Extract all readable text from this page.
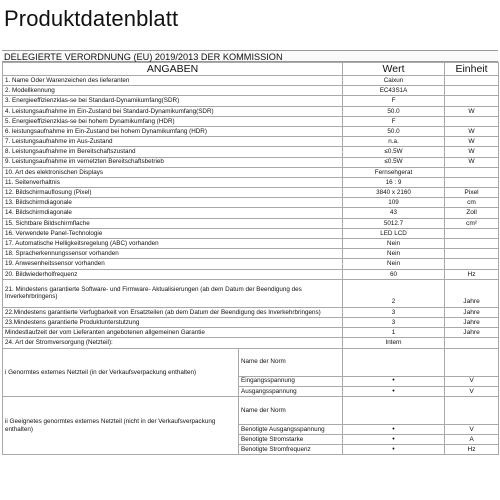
Produktdatenblatt
DELEGIERTE VERORDNUNG (EU) 2019/2013 DER KOMMISSION
ANGABEN		Wert	Einheit
1. Name Oder Warenzeichen des lieferanten		Caixun	
2. Modellkennung		EC43S1A	
3. Energieeffizienzklas-se bei Standard-Dynamikumfang(SDR)		F	
4. Leistungsaufnahme im Ein-Zustand bei Standard-Dynamikumfang(SDR)		50.0	W
5. Energieeffizienzklas-se bei hohem Dynamikumfang (HDR)		F	
6. leistungsaufnahme im Ein-Zustand bei hohem Dynamikumfang (HDR)		50.0	W
7. Leistungsaufnahme im Aus-Zustand		n.a.	W
8. Leistungsaufnahme im Bereitschaftszustand		≤0.5W	W
9. Leistungsaufnahme im vernetzten Bereitschaftsbetrieb		≤0.5W	W
10. Art des elektronischen Displays		Fernsehgerat	
11. Seitenverhaltnis		16 : 9	
12. Bildschirmauflosung (Pixel)		3840 x 2160	Pixel
13. Bildschirmdiagonale		109	cm
14. Bildschirmdiagonale		43	Zoll
15. Sichtbare Bildschirmflache		5012.7	cm²
16. Verwendete Panel-Technologie		LED LCD	
17. Automatische Helligkeitsregelung (ABC) vorhanden		Nein	
18. Spracherkennungssensor vorhanden		Nein	
19. Anwesenheitssensor vorhanden		Nein	
20. Bildwiederholfrequenz		60	Hz
21. Mindestens garantierte Software- und Firmware- Aktualisierungen (ab dem Datum der Beendigung des Inverkehrbringens)		2	Jahre
22.Mindestens garantierte Verfugbarkeit von Ersatzteilen (ab dem Datum der Beendigung des Inverkehrbringens)		3	Jahre
23.Mindestens garantierte Produktunterstutzung		3	Jahre
Mindestlaufzeit der vom Lieferanten angebotenen allgemeinen Garantie		1	Jahre
24. Art der Stromversorgung (Netzteil):		Intern	
i Genormtes externes Netzteil (in der Verkaufsverpackung enthalten)	Name der Norm		
	Eingangsspannung	•	V
	Ausgangsspannung	•	V
ii Geeignetes genormtes externes Netzteil (nicht in der Verkaufsverpackung enthalten)	Name der Norm		
	Benotigte Ausgangsspannung	•	V
	Benotigte Stromstarke	•	A
	Benotigte Stromfrequenz	•	Hz
